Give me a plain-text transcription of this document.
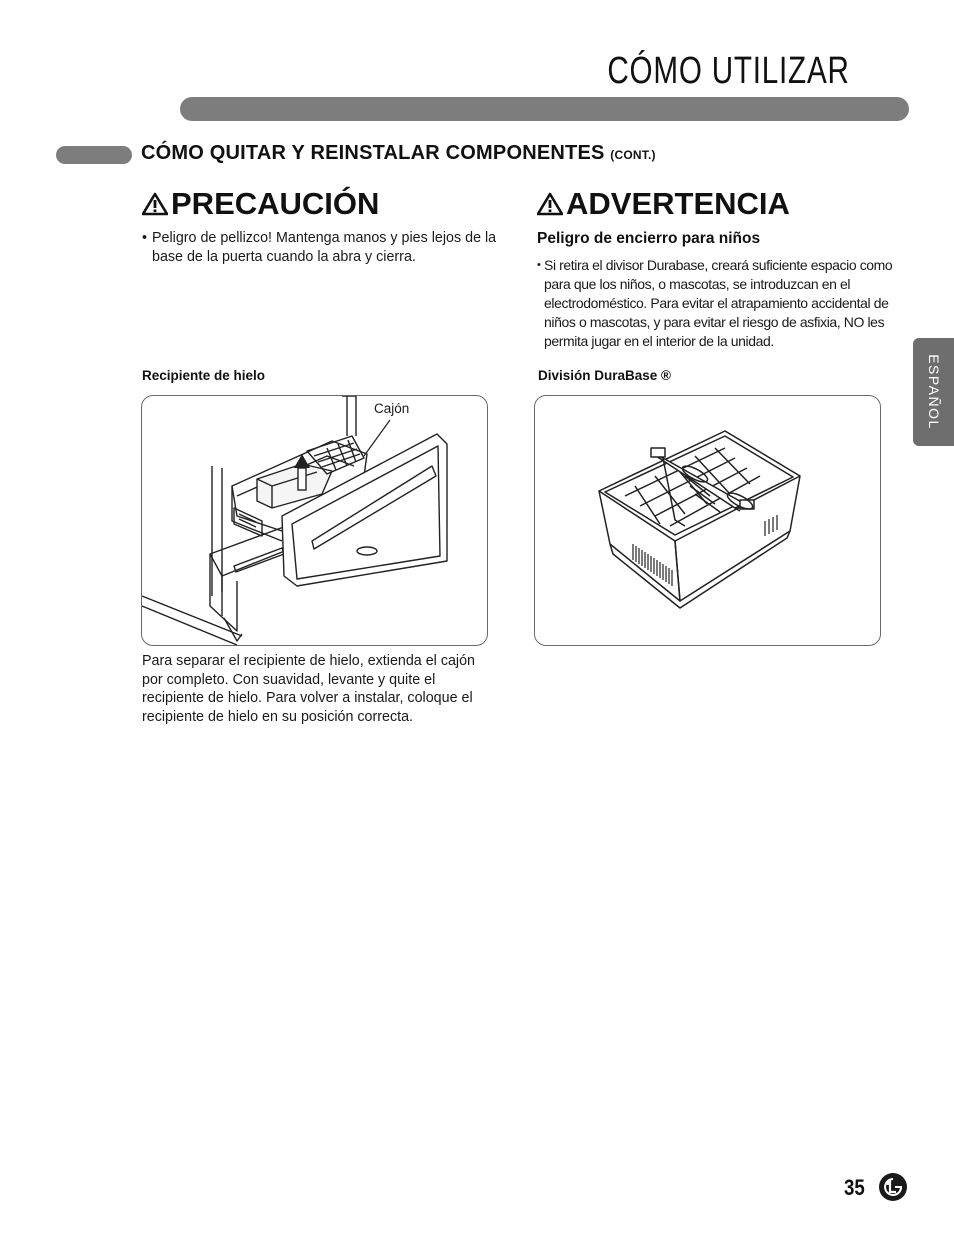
CÓMO UTILIZAR
CÓMO QUITAR Y REINSTALAR COMPONENTES (CONT.)
PRECAUCIÓN
• Peligro de pellizco! Mantenga manos y pies lejos de la base de la puerta cuando la abra y cierra.
ADVERTENCIA
Peligro de encierro para niños
• Si retira el divisor Durabase, creará suficiente espacio como para que los niños, o mascotas, se introduzcan en el electrodoméstico. Para evitar el atrapamiento accidental de niños o mascotas, y para evitar el riesgo de asfixia, NO les permita jugar en el interior de la unidad.
Recipiente de hielo	División DuraBase ®
Cajón
Para separar el recipiente de hielo, extienda el cajón por completo. Con suavidad, levante y quite el recipiente de hielo. Para volver a instalar, coloque el recipiente de hielo en su posición correcta.
ESPAÑOL
35
